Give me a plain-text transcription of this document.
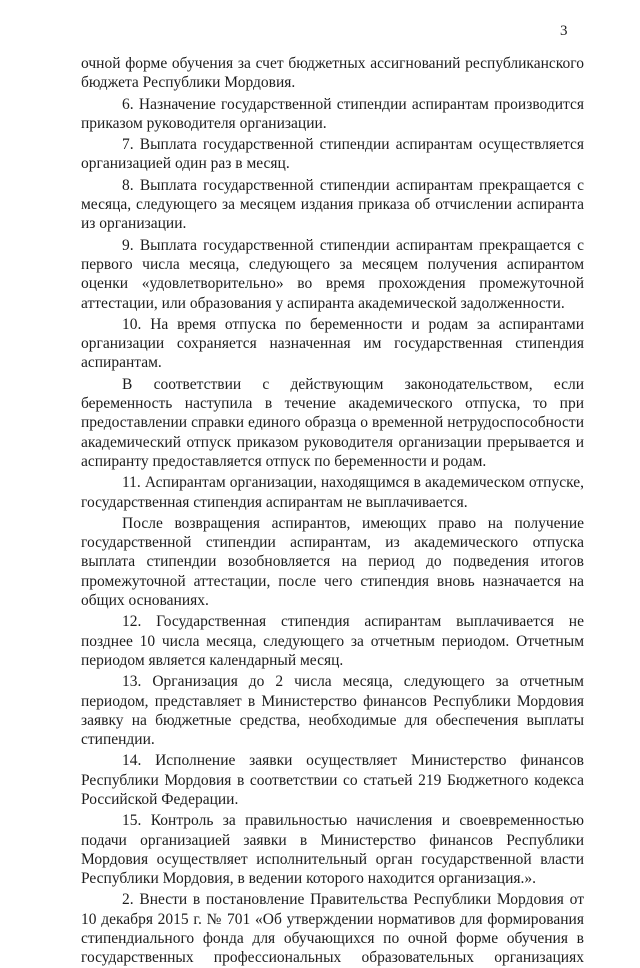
3

очной форме обучения за счет бюджетных ассигнований республиканского бюджета Республики Мордовия.

6. Назначение государственной стипендии аспирантам производится приказом руководителя организации.

7. Выплата государственной стипендии аспирантам осуществляется организацией один раз в месяц.

8. Выплата государственной стипендии аспирантам прекращается с месяца, следующего за месяцем издания приказа об отчислении аспиранта из организации.

9. Выплата государственной стипендии аспирантам прекращается с первого числа месяца, следующего за месяцем получения аспирантом оценки «удовлетворительно» во время прохождения промежуточной аттестации, или образования у аспиранта академической задолженности.

10. На время отпуска по беременности и родам за аспирантами организации сохраняется назначенная им государственная стипендия аспирантам.

В соответствии с действующим законодательством, если беременность наступила в течение академического отпуска, то при предоставлении справки единого образца о временной нетрудоспособности академический отпуск приказом руководителя организации прерывается и аспиранту предоставляется отпуск по беременности и родам.

11. Аспирантам организации, находящимся в академическом отпуске, государственная стипендия аспирантам не выплачивается.

После возвращения аспирантов, имеющих право на получение государственной стипендии аспирантам, из академического отпуска выплата стипендии возобновляется на период до подведения итогов промежуточной аттестации, после чего стипендия вновь назначается на общих основаниях.

12. Государственная стипендия аспирантам выплачивается не позднее 10 числа месяца, следующего за отчетным периодом. Отчетным периодом является календарный месяц.

13. Организация до 2 числа месяца, следующего за отчетным периодом, представляет в Министерство финансов Республики Мордовия заявку на бюджетные средства, необходимые для обеспечения выплаты стипендии.

14. Исполнение заявки осуществляет Министерство финансов Республики Мордовия в соответствии со статьей 219 Бюджетного кодекса Российской Федерации.

15. Контроль за правильностью начисления и своевременностью подачи организацией заявки в Министерство финансов Республики Мордовия осуществляет исполнительный орган государственной власти Республики Мордовия, в ведении которого находится организация.».

2. Внести в постановление Правительства Республики Мордовия от 10 декабря 2015 г. № 701 «Об утверждении нормативов для формирования стипендиального фонда для обучающихся по очной форме обучения в государственных профессиональных образовательных организациях
